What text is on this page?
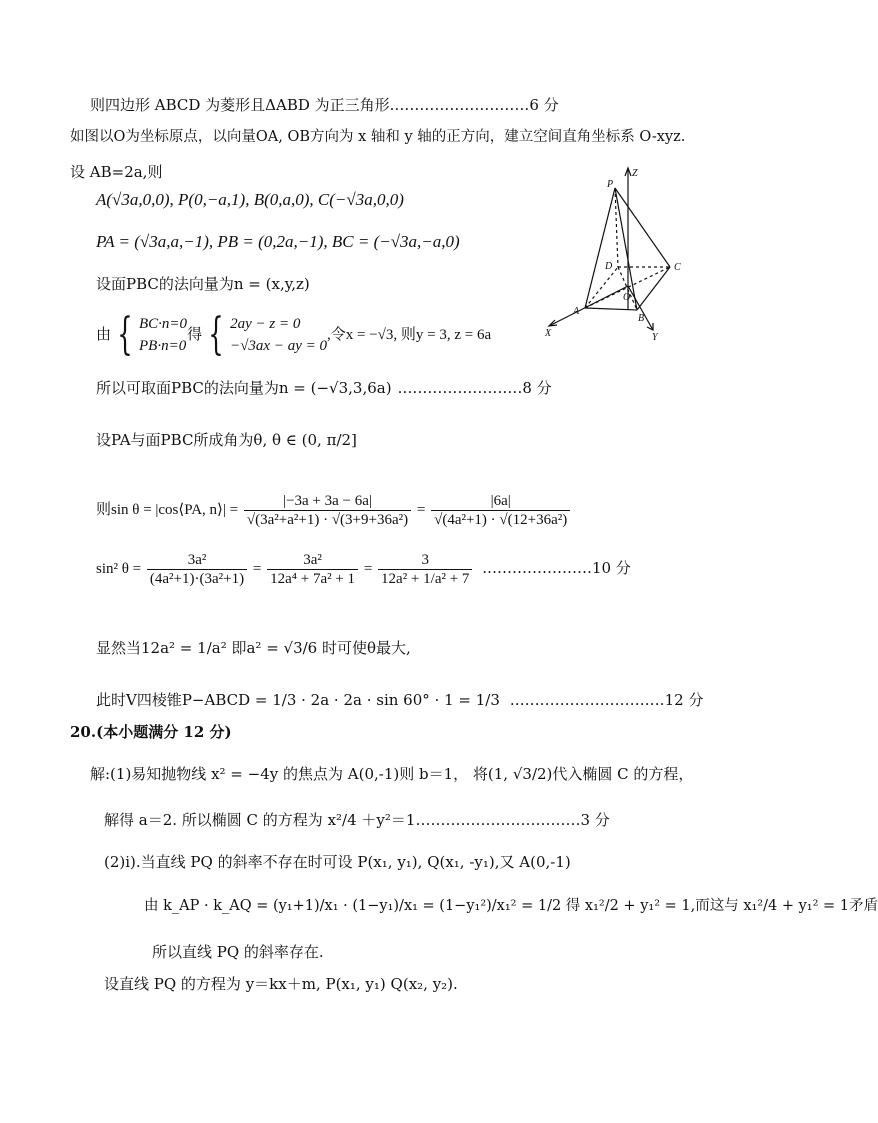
则四边形 ABCD 为菱形且ΔABD 为正三角形.………………………6 分
如图以O为坐标原点，以向量OA, OB方向为 x 轴和 y 轴的正方向，建立空间直角坐标系 O-xyz.
设 AB=2a,则
A(√3a,0,0), P(0,−a,1), B(0,a,0), C(−√3a,0,0)
PA = (√3a,a,−1), PB = (0,2a,−1), BC = (−√3a,−a,0)
设面PBC的法向量为n = (x,y,z)
由 { BC·n=0
PB·n=0
得 { 2ay − z = 0
−√3ax − ay = 0
,令x = −√3, 则y = 3, z = 6a
所以可取面PBC的法向量为n = (−√3,3,6a) .……………………8 分
设PA与面PBC所成角为θ, θ ∈ (0, π/2]
则sin θ = |cos⟨PA, n⟩| = $\frac{|-3a + 3a - 6a|}{\text{√(3a²+a²+1) · √(3+9+36a²)}} = \frac{|6a|}{\text{√(4a²+1) · √(12+36a²)}}$
sin² $\theta = \frac{\text{3a²}}{\text{(4a²+1)·(3a²+1)}} = \frac{\text{3a²}}{\text{12a⁴ + 7a² + 1}} = \frac{3}{\text{12a² + 1/a² + 7}}$ .…………………10 分
显然当12a² = 1/a² 即a² = √3/6 时可使θ最大,
此时V四棱锥P−ABCD = 1/3 · 2a · 2a · sin 60° · 1 = 1/3 .…………………………12 分
20.(本小题满分 12 分)
解:(1)易知抛物线 x² = −4y 的焦点为 A(0,-1)则 b＝1， 将(1, √3/2)代入椭圆 C 的方程，
解得 a＝2. 所以椭圆 C 的方程为 x²/4 ＋y²＝1……………………………3 分
(2)i).当直线 PQ 的斜率不存在时可设 P(x₁, y₁), Q(x₁, -y₁),又 A(0,-1)
由 k_AP · k_AQ = (y₁+1)/x₁ · (1−y₁)/x₁ = (1−y₁²)/x₁² = 1/2 得 x₁²/2 + y₁² = 1,而这与 x₁²/4 + y₁² = 1矛盾
所以直线 PQ 的斜率存在.
设直线 PQ 的方程为 y＝kx＋m, P(x₁, y₁) Q(x₂, y₂).
P
Z
C
D
O
A
B
X	Y
